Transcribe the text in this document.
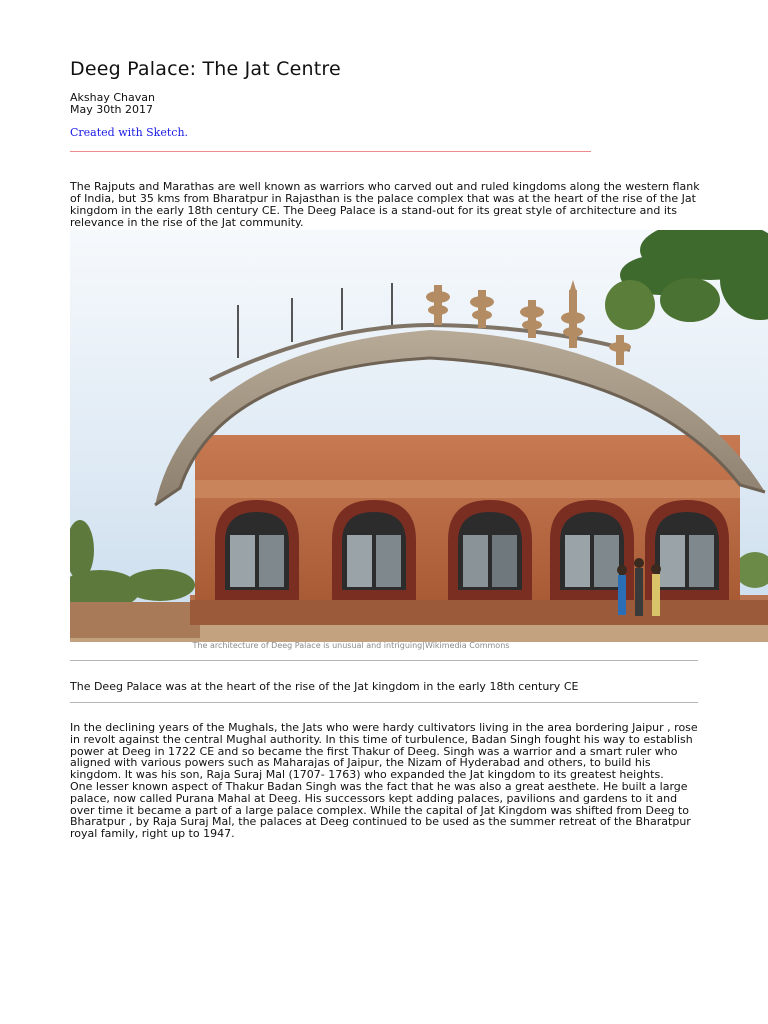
Deeg Palace: The Jat Centre
Akshay Chavan
May 30th 2017
Created with Sketch.

The Rajputs and Marathas are well known as warriors who carved out and ruled kingdoms along the western flank of India, but 35 kms from Bharatpur in Rajasthan is the palace complex that was at the heart of the rise of the Jat kingdom in the early 18th century CE. The Deeg Palace is a stand-out for its great style of architecture and its relevance in the rise of the Jat community.

The architecture of Deeg Palace is unusual and intriguing|Wikimedia Commons
The Deeg Palace was at the heart of the rise of the Jat kingdom in the early 18th century CE

In the declining years of the Mughals, the Jats who were hardy cultivators living in the area bordering Jaipur , rose in revolt against the central Mughal authority. In this time of turbulence, Badan Singh fought his way to establish power at Deeg in 1722 CE and so became the first Thakur of Deeg. Singh was a warrior and a smart ruler who aligned with various powers such as Maharajas of Jaipur, the Nizam of Hyderabad and others, to build his kingdom. It was his son, Raja Suraj Mal (1707- 1763) who expanded the Jat kingdom to its greatest heights.

One lesser known aspect of Thakur Badan Singh was the fact that he was also a great aesthete. He built a large palace, now called Purana Mahal at Deeg. His successors kept adding palaces, pavilions and gardens to it and over time it became a part of a large palace complex. While the capital of Jat Kingdom was shifted from Deeg to Bharatpur , by Raja Suraj Mal, the palaces at Deeg continued to be used as the summer retreat of the Bharatpur royal family, right up to 1947.
